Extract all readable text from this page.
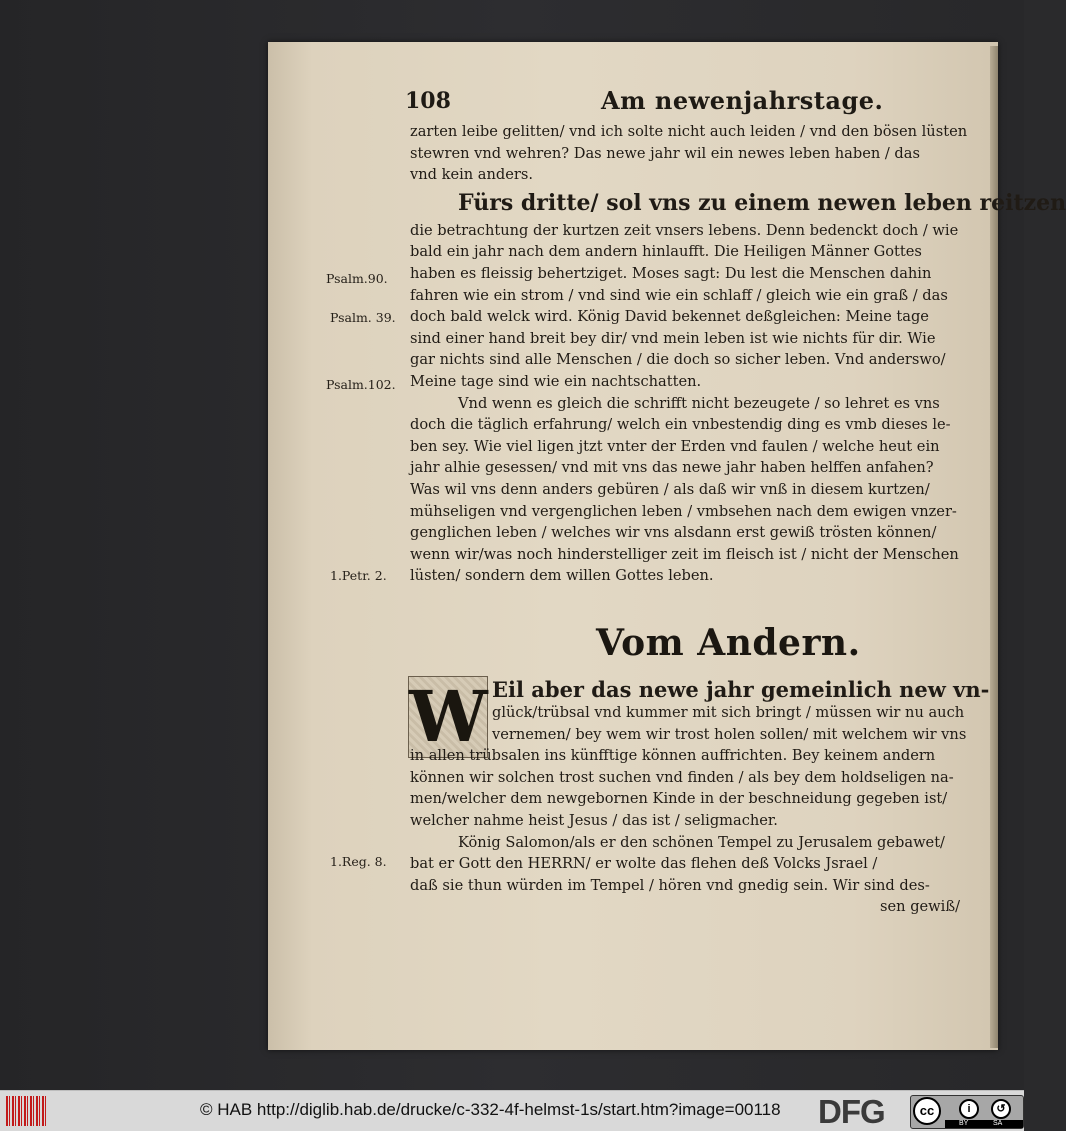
108	Am newenjahrstage.
Psalm.90.
Psalm. 39.
Psalm.102.
1.Petr. 2.
1.Reg. 8.
zarten leibe gelitten/ vnd ich solte nicht auch leiden / vnd den bösen lüsten
stewren vnd wehren? Das newe jahr wil ein newes leben haben / das
vnd kein anders.
Fürs dritte/ sol vns zu einem newen leben reitzen
die betrachtung der kurtzen zeit vnsers lebens. Denn bedenckt doch / wie
bald ein jahr nach dem andern hinlaufft. Die Heiligen Männer Gottes
haben es fleissig behertziget. Moses sagt: Du lest die Menschen dahin
fahren wie ein strom / vnd sind wie ein schlaff / gleich wie ein graß / das
doch bald welck wird. König David bekennet deßgleichen: Meine tage
sind einer hand breit bey dir/ vnd mein leben ist wie nichts für dir. Wie
gar nichts sind alle Menschen / die doch so sicher leben. Vnd anderswo/
Meine tage sind wie ein nachtschatten.
Vnd wenn es gleich die schrifft nicht bezeugete / so lehret es vns
doch die täglich erfahrung/ welch ein vnbestendig ding es vmb dieses le-
ben sey. Wie viel ligen jtzt vnter der Erden vnd faulen / welche heut ein
jahr alhie gesessen/ vnd mit vns das newe jahr haben helffen anfahen?
Was wil vns denn anders gebüren / als daß wir vnß in diesem kurtzen/
mühseligen vnd vergenglichen leben / vmbsehen nach dem ewigen vnzer-
genglichen leben / welches wir vns alsdann erst gewiß trösten können/
wenn wir/was noch hinderstelliger zeit im fleisch ist / nicht der Menschen
lüsten/ sondern dem willen Gottes leben.
Vom Andern.
W Eil aber das newe jahr gemeinlich new vn-
glück/trübsal vnd kummer mit sich bringt / müssen wir nu auch
vernemen/ bey wem wir trost holen sollen/ mit welchem wir vns
in allen trübsalen ins künfftige können auffrichten. Bey keinem andern
können wir solchen trost suchen vnd finden / als bey dem holdseligen na-
men/welcher dem newgebornen Kinde in der beschneidung gegeben ist/
welcher nahme heist Jesus / das ist / seligmacher.
König Salomon/als er den schönen Tempel zu Jerusalem gebawet/
bat er Gott den HERRN/ er wolte das flehen deß Volcks Jsrael /
daß sie thun würden im Tempel / hören vnd gnedig sein. Wir sind des-
sen gewiß/
© HAB http://diglib.hab.de/drucke/c-332-4f-helmst-1s/start.htm?image=00118 DFG	cc	i	↺
BY	SA
